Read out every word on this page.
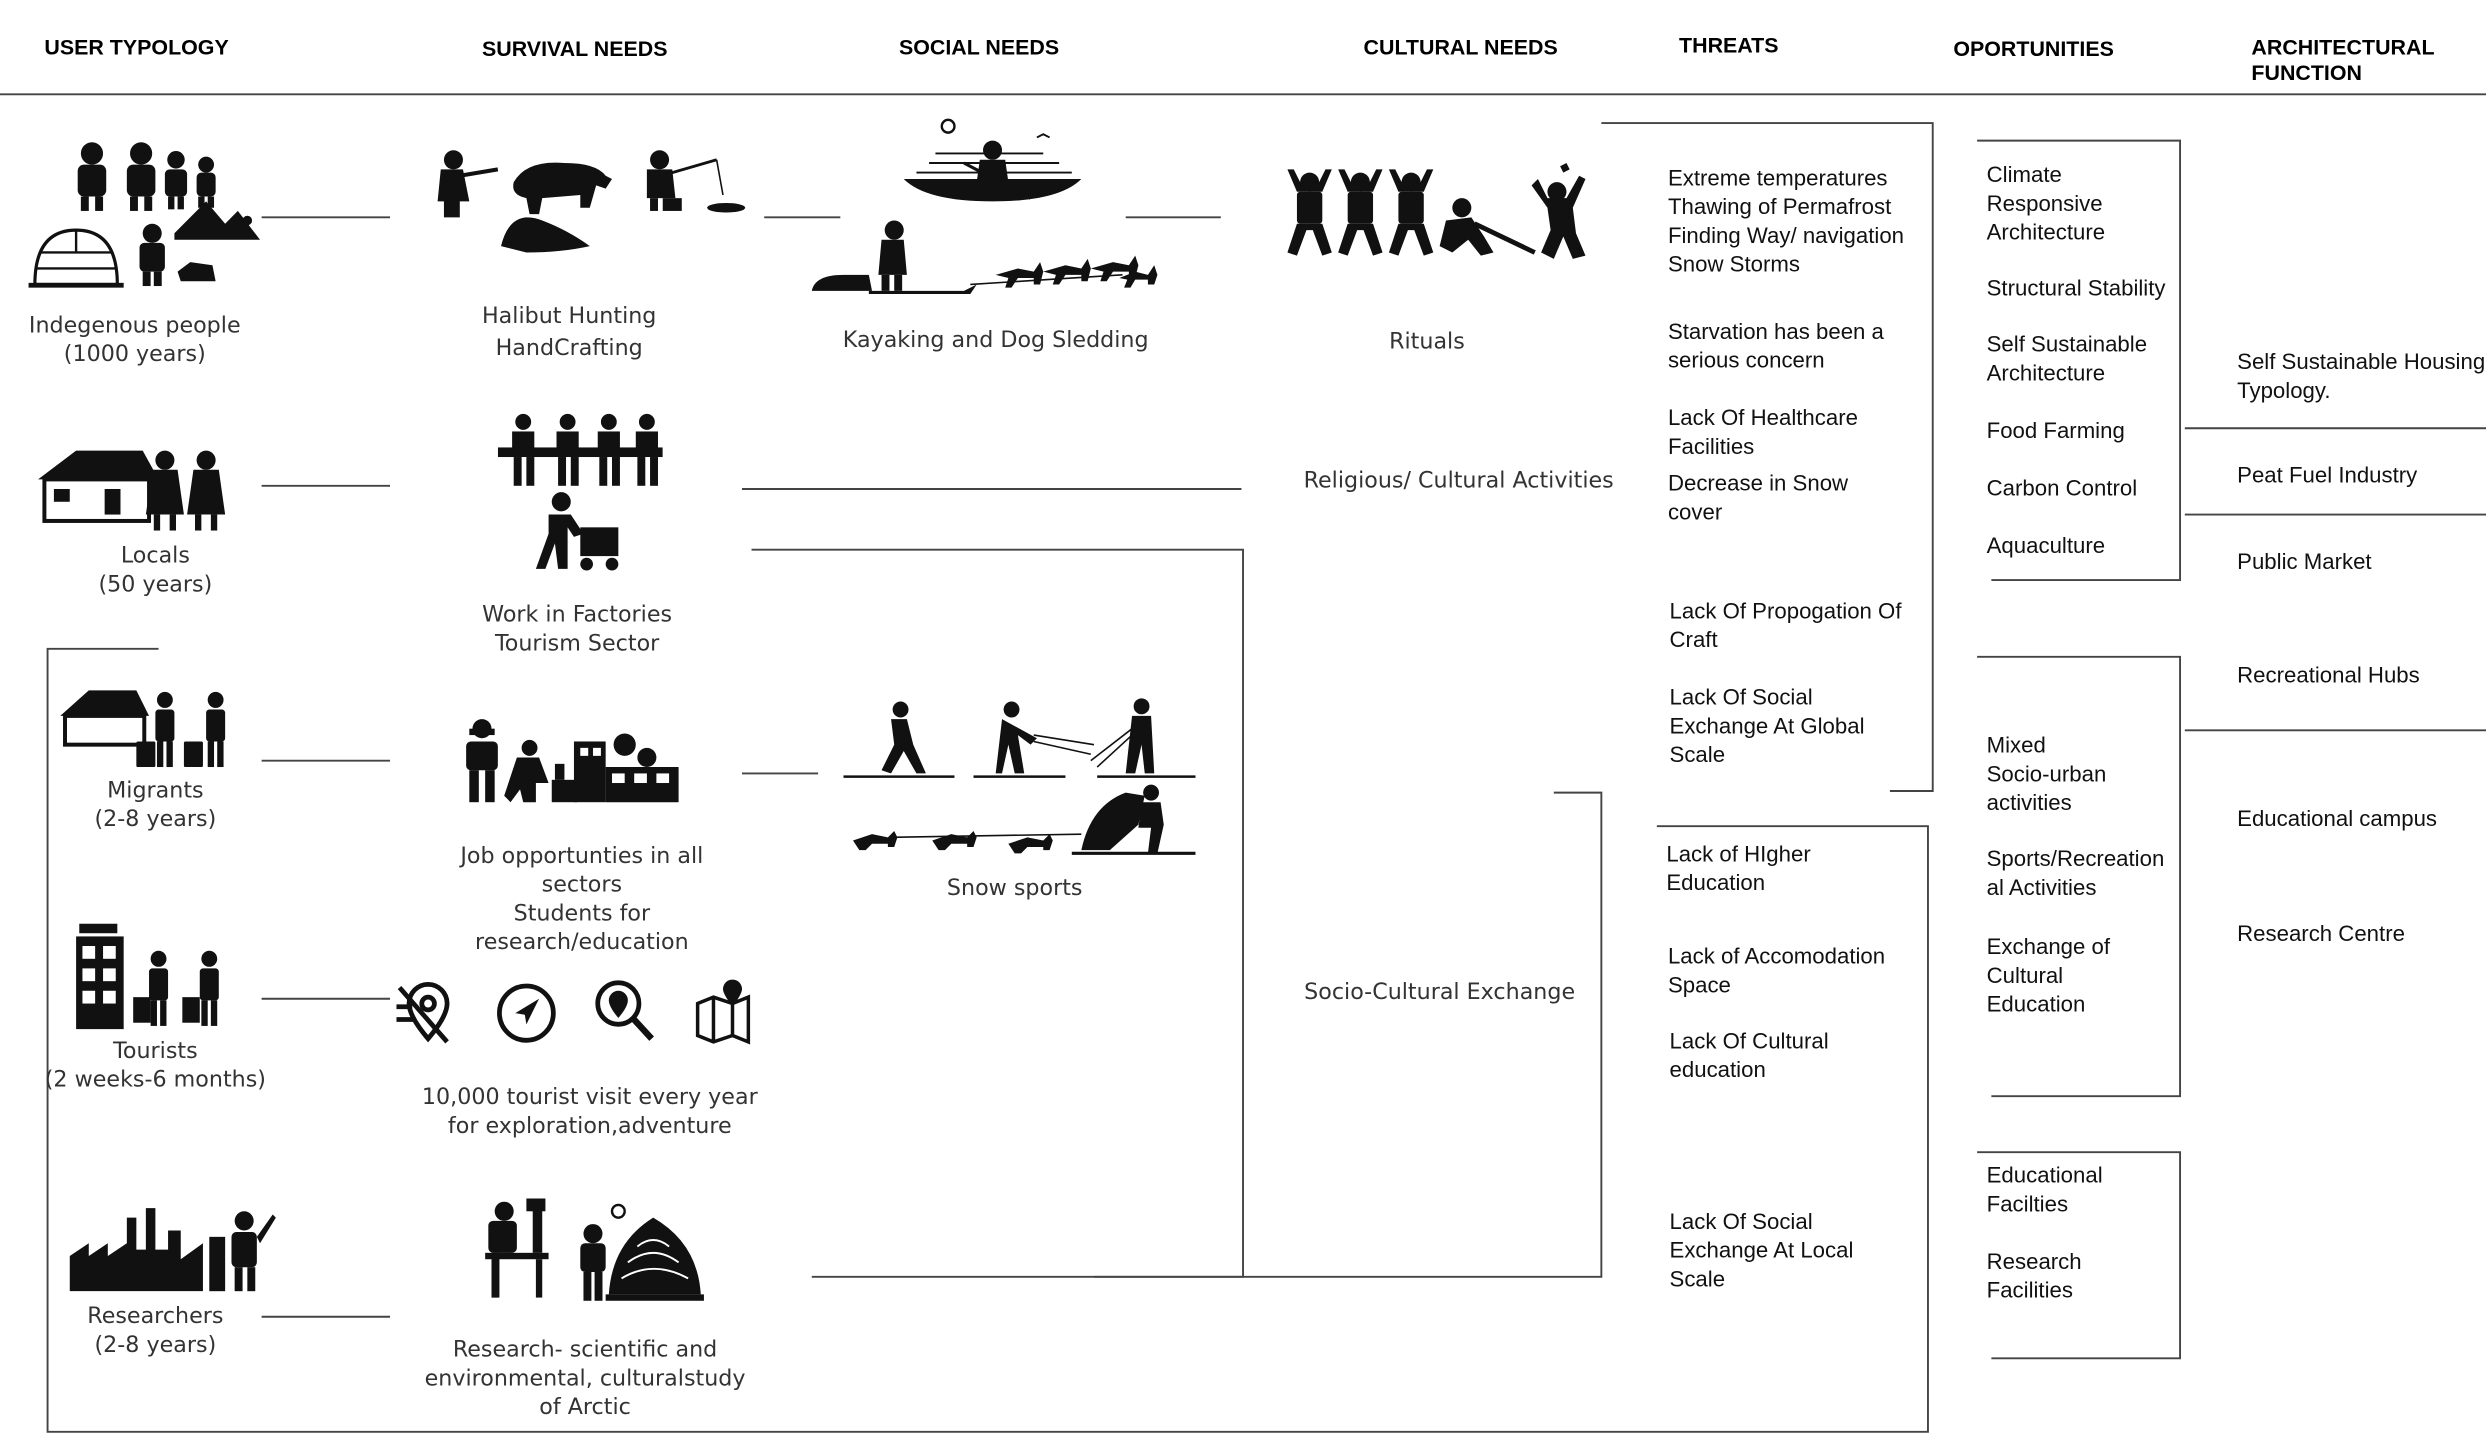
USER TYPOLOGY	SURVIVAL NEEDS	SOCIAL NEEDS	CULTURAL NEEDS	THREATS	OPORTUNITIES	ARCHITECTURAL
FUNCTION
Indegenous people
(1000 years)
Locals
(50 years)
Migrants
(2-8 years)
Tourists
(2 weeks-6 months)
Researchers
(2-8 years)
Halibut Hunting
HandCrafting
Work in Factories
Tourism Sector
Job opportunties in all
sectors
Students for
research/education
10,000 tourist visit every year
for exploration,adventure
Research- scientific and
environmental, culturalstudy
of Arctic
Kayaking and Dog Sledding
Snow sports
Rituals
Religious/ Cultural Activities
Socio-Cultural Exchange
Extreme temperatures
Thawing of Permafrost
Finding Way/ navigation
Snow Storms
Starvation has been a
serious concern
Lack Of Healthcare
Facilities
Decrease in Snow
cover
Lack Of Propogation Of
Craft
Lack Of Social
Exchange At Global
Scale
Lack of HIgher
Education
Lack of Accomodation
Space
Lack Of Cultural
education
Lack Of Social
Exchange At Local
Scale
Climate
Responsive
Architecture
Structural Stability
Self Sustainable
Architecture
Food Farming
Carbon Control
Aquaculture
Mixed
Socio-urban
activities
Sports/Recreation
al Activities
Exchange of
Cultural
Education
Educational
Facilties
Research
Facilities
Self Sustainable Housing
Typology.
Peat Fuel Industry
Public Market
Recreational Hubs
Educational campus
Research Centre
